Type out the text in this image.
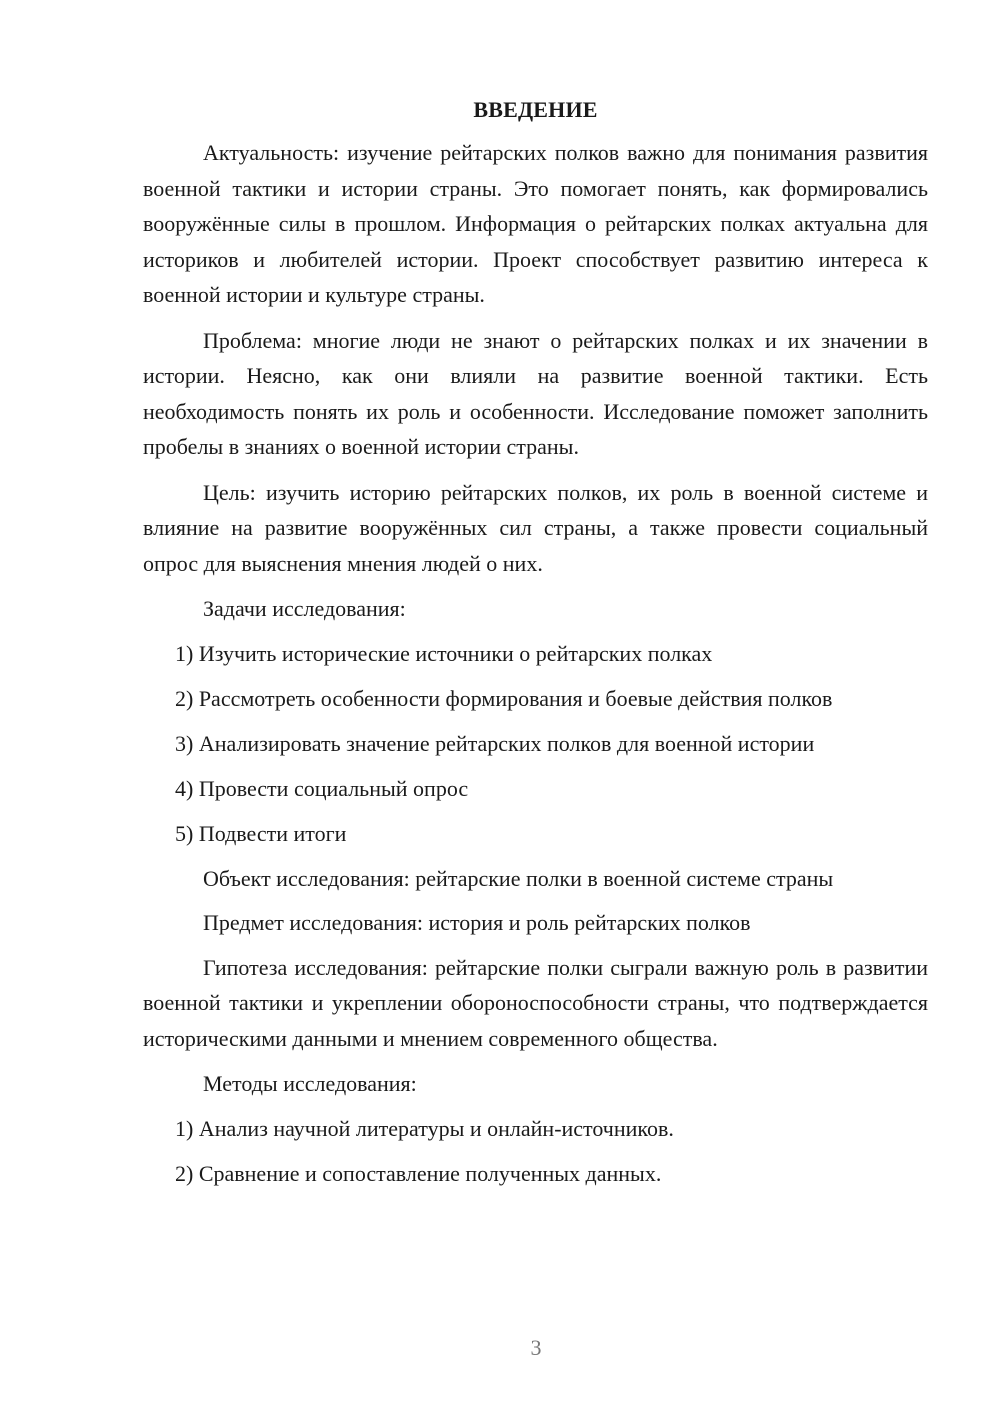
ВВЕДЕНИЕ

Актуальность: изучение рейтарских полков важно для понимания развития военной тактики и истории страны. Это помогает понять, как формировались вооружённые силы в прошлом. Информация о рейтарских полках актуальна для историков и любителей истории. Проект способствует развитию интереса к военной истории и культуре страны.

Проблема: многие люди не знают о рейтарских полках и их значении в истории. Неясно, как они влияли на развитие военной тактики. Есть необходимость понять их роль и особенности. Исследование поможет заполнить пробелы в знаниях о военной истории страны.

Цель: изучить историю рейтарских полков, их роль в военной системе и влияние на развитие вооружённых сил страны, а также провести социальный опрос для выяснения мнения людей о них.

Задачи исследования:

1) Изучить исторические источники о рейтарских полках
2) Рассмотреть особенности формирования и боевые действия полков
3) Анализировать значение рейтарских полков для военной истории
4) Провести социальный опрос
5) Подвести итоги

Объект исследования: рейтарские полки в военной системе страны

Предмет исследования: история и роль рейтарских полков

Гипотеза исследования: рейтарские полки сыграли важную роль в развитии военной тактики и укреплении обороноспособности страны, что подтверждается историческими данными и мнением современного общества.

Методы исследования:

1) Анализ научной литературы и онлайн-источников.
2) Сравнение и сопоставление полученных данных.
3
